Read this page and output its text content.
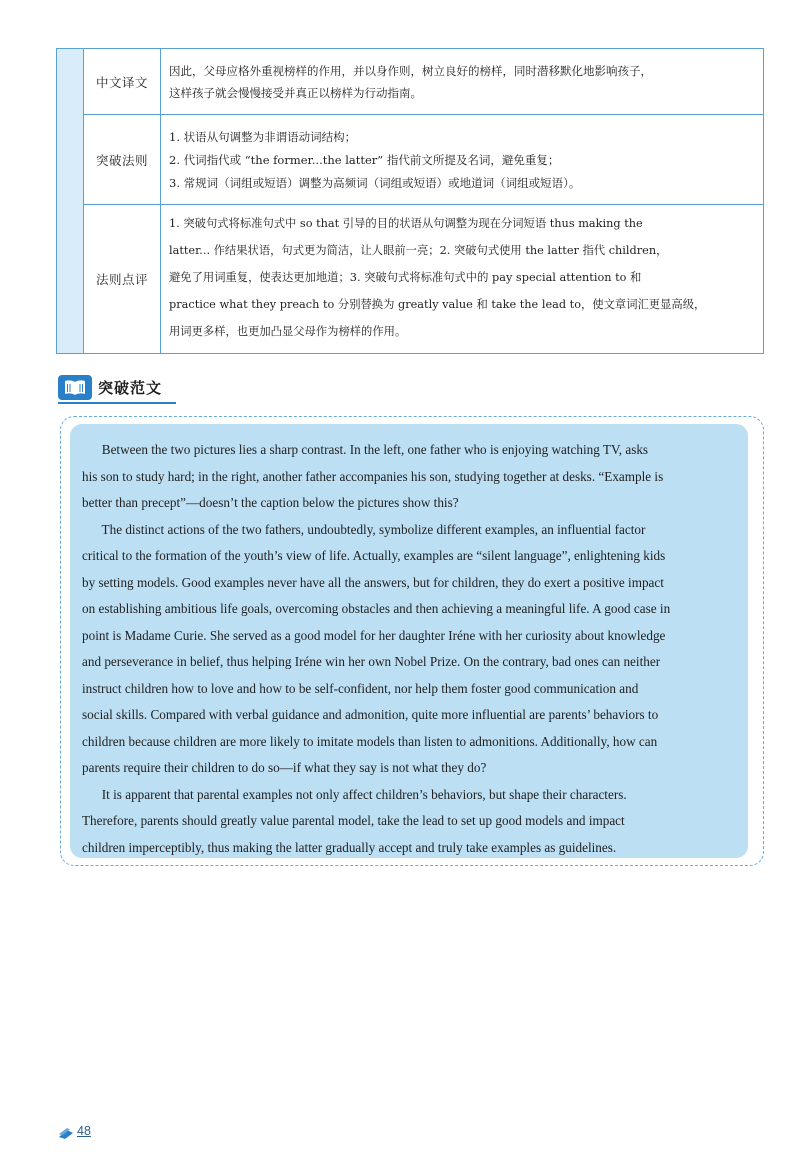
中文译文
因此，父母应格外重视榜样的作用，并以身作则，树立良好的榜样，同时潜移默化地影响孩子，
这样孩子就会慢慢接受并真正以榜样为行动指南。
突破法则
1. 状语从句调整为非谓语动词结构；
2. 代词指代或 “the former...the latter” 指代前文所提及名词，避免重复；
3. 常规词（词组或短语）调整为高频词（词组或短语）或地道词（词组或短语）。
法则点评
1. 突破句式将标准句式中 so that 引导的目的状语从句调整为现在分词短语 thus making the
latter... 作结果状语，句式更为简洁，让人眼前一亮；2. 突破句式使用 the latter 指代 children，
避免了用词重复，使表达更加地道；3. 突破句式将标准句式中的 pay special attention to 和
practice what they preach to 分别替换为 greatly value 和 take the lead to，使文章词汇更显高级，
用词更多样，也更加凸显父母作为榜样的作用。
突破范文
Between the two pictures lies a sharp contrast. In the left, one father who is enjoying watching TV, asks
his son to study hard; in the right, another father accompanies his son, studying together at desks. “Example is
better than precept”—doesn’t the caption below the pictures show this?
The distinct actions of the two fathers, undoubtedly, symbolize different examples, an influential factor
critical to the formation of the youth’s view of life. Actually, examples are “silent language”, enlightening kids
by setting models. Good examples never have all the answers, but for children, they do exert a positive impact
on establishing ambitious life goals, overcoming obstacles and then achieving a meaningful life. A good case in
point is Madame Curie. She served as a good model for her daughter Iréne with her curiosity about knowledge
and perseverance in belief, thus helping Iréne win her own Nobel Prize. On the contrary, bad ones can neither
instruct children how to love and how to be self-confident, nor help them foster good communication and
social skills. Compared with verbal guidance and admonition, quite more influential are parents’ behaviors to
children because children are more likely to imitate models than listen to admonitions. Additionally, how can
parents require their children to do so—if what they say is not what they do?
It is apparent that parental examples not only affect children’s behaviors, but shape their characters.
Therefore, parents should greatly value parental model, take the lead to set up good models and impact
children imperceptibly, thus making the latter gradually accept and truly take examples as guidelines.
48
